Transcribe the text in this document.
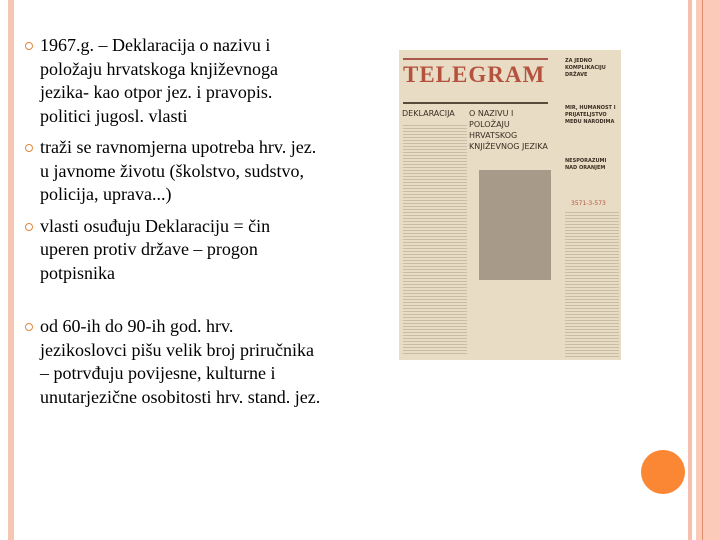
1967.g. – Deklaracija o nazivu i položaju hrvatskoga književnoga jezika- kao otpor jez. i pravopis. politici jugosl. vlasti
traži se ravnomjerna upotreba hrv. jez. u javnome životu (školstvo, sudstvo, policija, uprava...)
vlasti osuđuju Deklaraciju = čin uperen protiv države – progon potpisnika
od 60-ih do 90-ih god. hrv. jezikoslovci pišu velik broj priručnika – potrvđuju povijesne, kulturne i unutarjezične osobitosti hrv. stand. jez.
TELEGRAM
DEKLARACIJA O NAZIVU I POLOŽAJU HRVATSKOG KNJIŽEVNOG JEZIKA
ZA JEDNO KOMPLIKACIJU DRŽAVE
MIR, HUMANOST I PRIJATELJSTVO MEĐU NARODIMA
NESPORAZUMI NAD ORANJEM
3571-3-573
